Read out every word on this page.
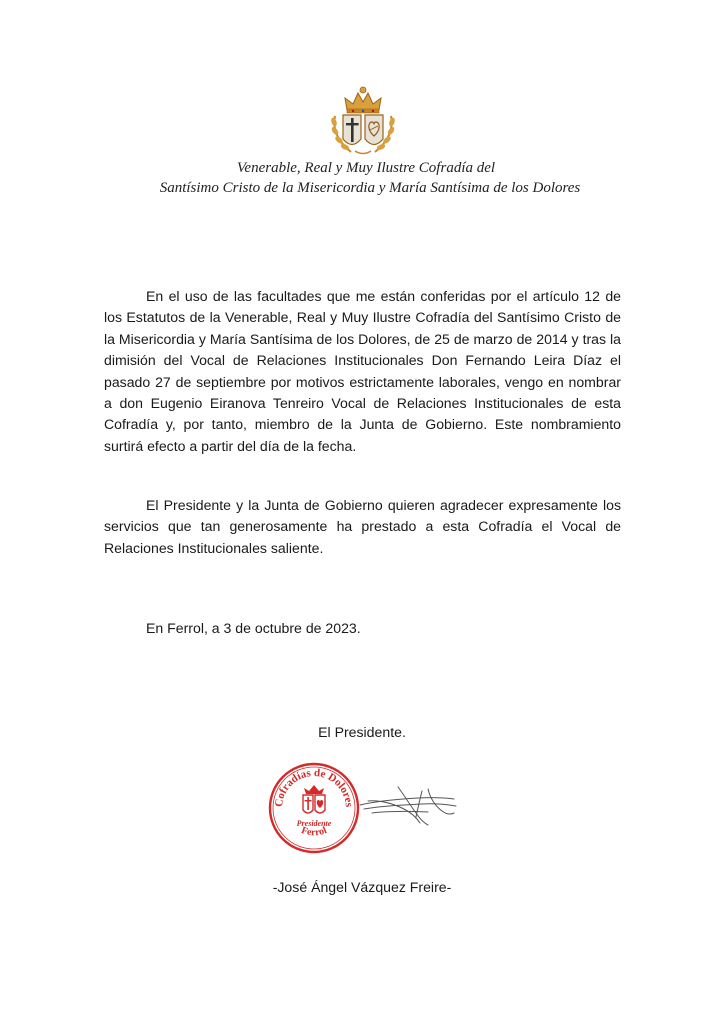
Venerable, Real y Muy Ilustre Cofradía del
Santísimo Cristo de la Misericordia y María Santísima de los Dolores

En el uso de las facultades que me están conferidas por el artículo 12 de los Estatutos de la Venerable, Real y Muy Ilustre Cofradía del Santísimo Cristo de la Misericordia y María Santísima de los Dolores, de 25 de marzo de 2014 y tras la dimisión del Vocal de Relaciones Institucionales Don Fernando Leira Díaz el pasado 27 de septiembre por motivos estrictamente laborales, vengo en nombrar a don Eugenio Eiranova Tenreiro Vocal de Relaciones Institucionales de esta Cofradía y, por tanto, miembro de la Junta de Gobierno. Este nombramiento surtirá efecto a partir del día de la fecha.

El Presidente y la Junta de Gobierno quieren agradecer expresamente los servicios que tan generosamente ha prestado a esta Cofradía el Vocal de Relaciones Institucionales saliente.

En Ferrol, a 3 de octubre de 2023.
El Presidente.
Cofradías de Dolores
Presidente
Ferrol
-José Ángel Vázquez Freire-
